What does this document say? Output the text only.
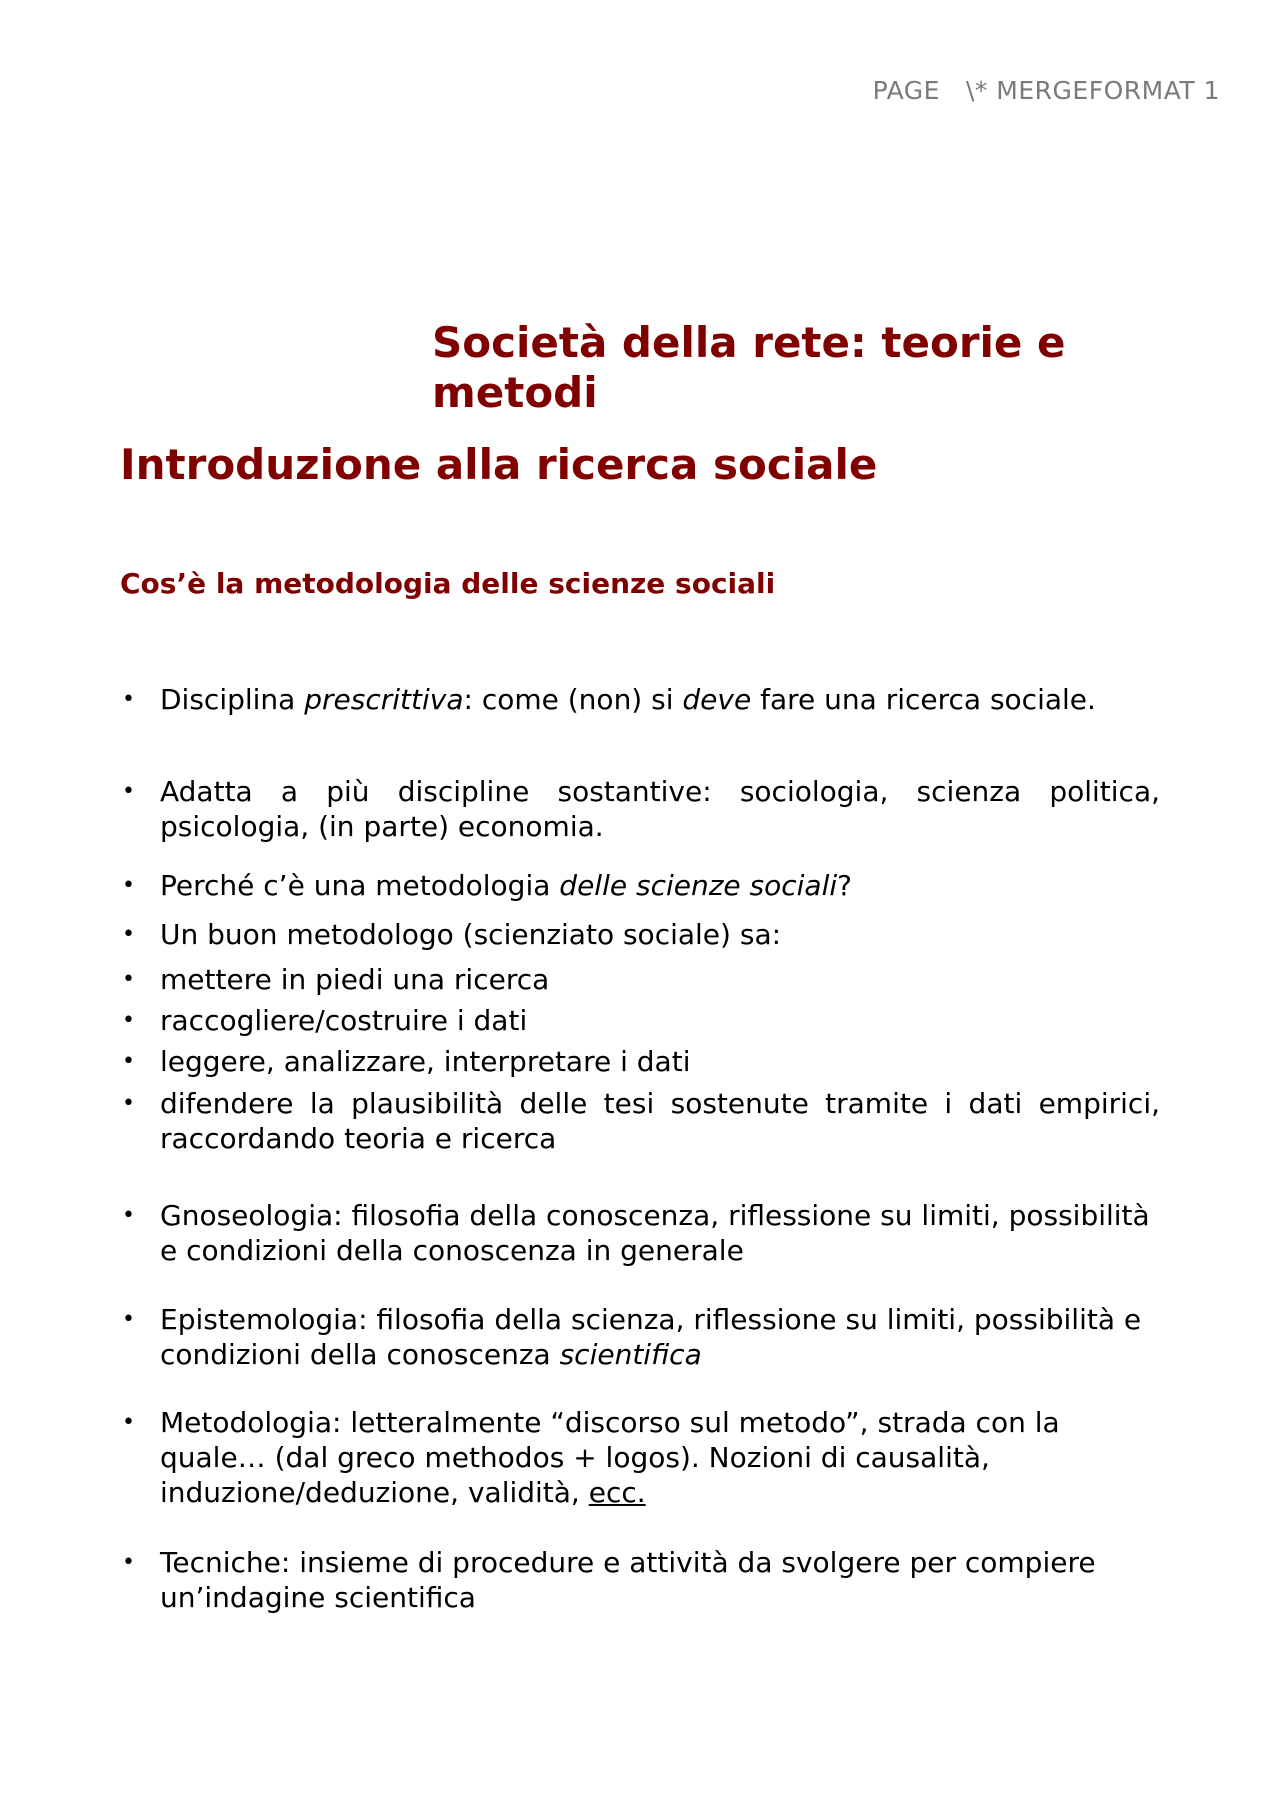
PAGE \* MERGEFORMAT 1
Società della rete: teorie e metodi
Introduzione alla ricerca sociale
Cos’è la metodologia delle scienze sociali
• Disciplina prescrittiva: come (non) si deve fare una ricerca sociale.
• Adatta a più discipline sostantive: sociologia, scienza politica, psicologia, (in parte) economia.
• Perché c’è una metodologia delle scienze sociali?
• Un buon metodologo (scienziato sociale) sa:
• mettere in piedi una ricerca
• raccogliere/costruire i dati
• leggere, analizzare, interpretare i dati
• difendere la plausibilità delle tesi sostenute tramite i dati empirici, raccordando teoria e ricerca
• Gnoseologia: filosofia della conoscenza, riflessione su limiti, possibilità e condizioni della conoscenza in generale
• Epistemologia: filosofia della scienza, riflessione su limiti, possibilità e condizioni della conoscenza scientifica
• Metodologia: letteralmente “discorso sul metodo”, strada con la quale… (dal greco methodos + logos). Nozioni di causalità, induzione/deduzione, validità, ecc.
• Tecniche: insieme di procedure e attività da svolgere per compiere un’indagine scientifica
